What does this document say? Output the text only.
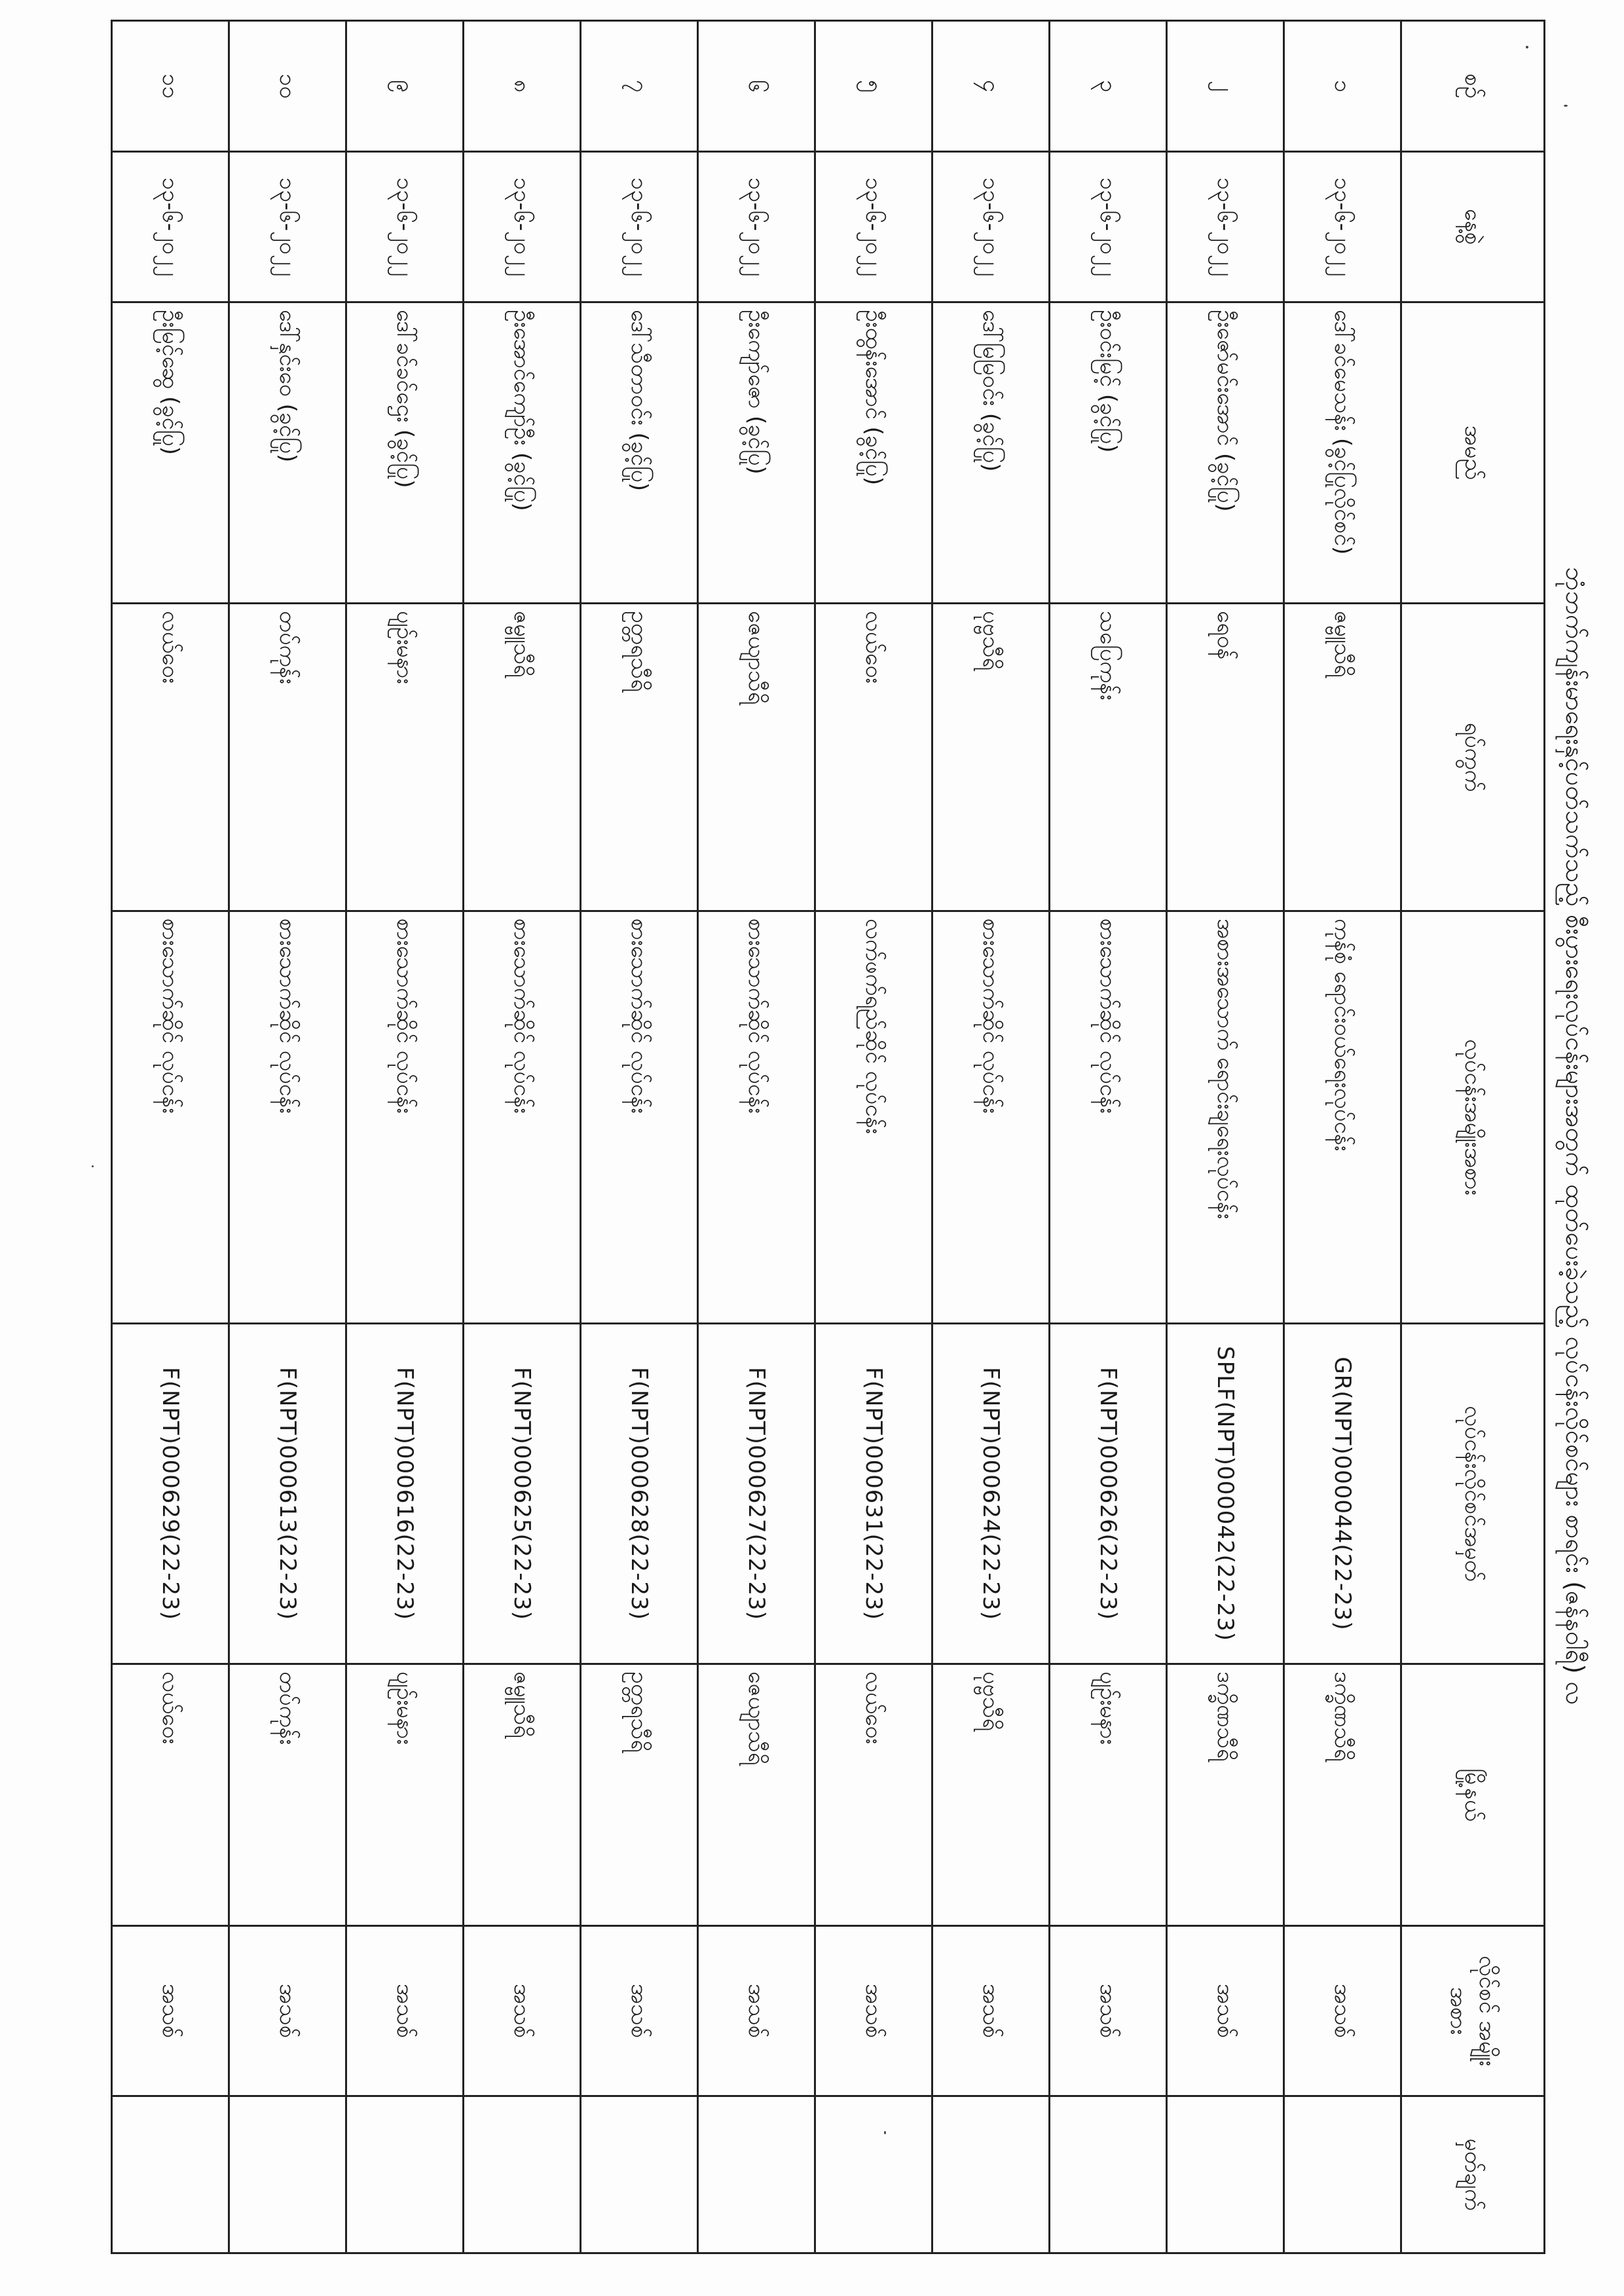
ဘုံဘက်ကျန်းမာရေးနှင့်ပတ်သက်သည့် စီးပွားရေးလုပ်ငန်းများအတွက် ထုတ်ပေးခဲ့သည့် လုပ်ငန်းလိုင်စင်များ စာရင်း (ဇန်နဝါရီ) လ
စဉ်	နေ့စွဲ	အမည်	ရပ်ကွက်	လုပ်ငန်းအမျိုးအစား	လုပ်ငန်းလိုင်စင်အမှတ်	မြို့နယ်	လိုင်စင် အမျိုးအစား	မှတ်ချက်
၁	၁၃-၆-၂၀၂၂	ဒေါ်ခင်မေသန်း (ခွင့်ပြုလိုင်စင်)	ဇမ္ဗူသီရိ	ကုန်စုံ ရောင်းဝယ်ရေးလုပ်ငန်း	GR(NPT)000044(22-23)	ဒက္ခိဏသီရိ	အသစ်	
၂	၁၃-၆-၂၀၂၂	ဦးဇော်မင်းအောင် (ခွင့်ပြု)	ရေဝန်	အစားအသောက် ရောင်းချရေးလုပ်ငန်း	SPLF(NPT)000042(22-23)	ဒက္ခိဏသီရိ	အသစ်	
၃	၁၃-၆-၂၀၂၂	ဦးဝင်းမြင့် (ခွင့်ပြု)	သပြေကုန်း	စားသောက်ဆိုင် လုပ်ငန်း	F(NPT)000626(22-23)	ပျဉ်းမနား	အသစ်	
၄	၁၃-၆-၂၀၂၂	ဒေါ်မြမြဝင်း (ခွင့်ပြု)	ပုဗ္ဗသီရိ	စားသောက်ဆိုင် လုပ်ငန်း	F(NPT)000624(22-23)	ပုဗ္ဗသီရိ	အသစ်	
၅	၁၃-၆-၂၀၂၂	ဦးထွန်းအောင် (ခွင့်ပြု)	လယ်ဝေး	လက်ဖက်ရည်ဆိုင် လုပ်ငန်း	F(NPT)000631(22-23)	လယ်ဝေး	အသစ်	
၆	၁၃-၆-၂၀၂၂	ဦးကျော်ဇော (ခွင့်ပြု)	ဇေယျာသီရိ	စားသောက်ဆိုင် လုပ်ငန်း	F(NPT)000627(22-23)	ဇေယျာသီရိ	အသစ်	
၇	၁၃-၆-၂၀၂၂	ဒေါ်သီတာဝင်း (ခွင့်ပြု)	ဥတ္တရသီရိ	စားသောက်ဆိုင် လုပ်ငန်း	F(NPT)000628(22-23)	ဥတ္တရသီရိ	အသစ်	
၈	၁၃-၆-၂၀၂၂	ဦးအောင်ကျော်ဦး (ခွင့်ပြု)	ဇမ္ဗူသီရိ	စားသောက်ဆိုင် လုပ်ငန်း	F(NPT)000625(22-23)	ဇမ္ဗူသီရိ	အသစ်	
၉	၁၃-၆-၂၀၂၂	ဒေါ်ခင်ခင်ဌေး (ခွင့်ပြု)	ပျဉ်းမနား	စားသောက်ဆိုင် လုပ်ငန်း	F(NPT)000616(22-23)	ပျဉ်းမနား	အသစ်	
၁၀	၁၃-၆-၂၀၂၂	ဒေါ်နှင်းဝေ (ခွင့်ပြု)	တပ်ကုန်း	စားသောက်ဆိုင် လုပ်ငန်း	F(NPT)000613(22-23)	တပ်ကုန်း	အသစ်	
၁၁	၁၃-၆-၂၀၂၂	ဦးမြင့်ဆွေ (ခွင့်ပြု)	လယ်ဝေး	စားသောက်ဆိုင် လုပ်ငန်း	F(NPT)000629(22-23)	လယ်ဝေး	အသစ်	
